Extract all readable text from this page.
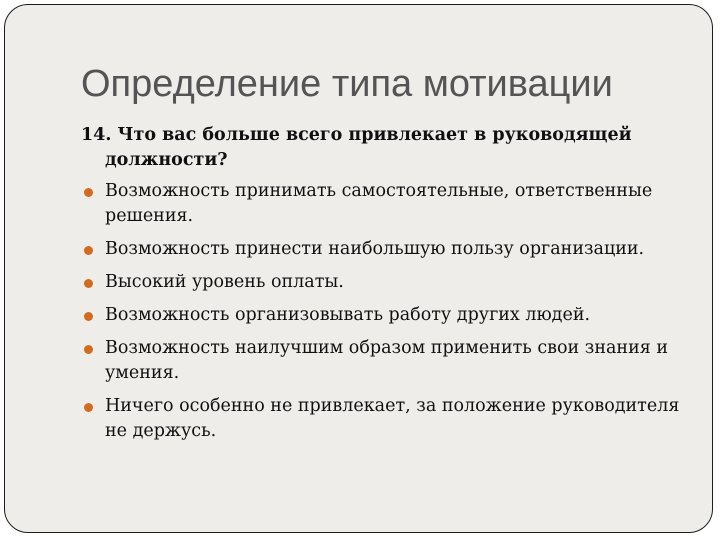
Определение типа мотивации

14. Что вас больше всего привлекает в руководящей должности?

Возможность принимать самостоятельные, ответственные решения.
Возможность принести наибольшую пользу организации.
Высокий уровень оплаты.
Возможность организовывать работу других людей.
Возможность наилучшим образом применить свои знания и умения.
Ничего особенно не привлекает, за положение руководителя не держусь.
